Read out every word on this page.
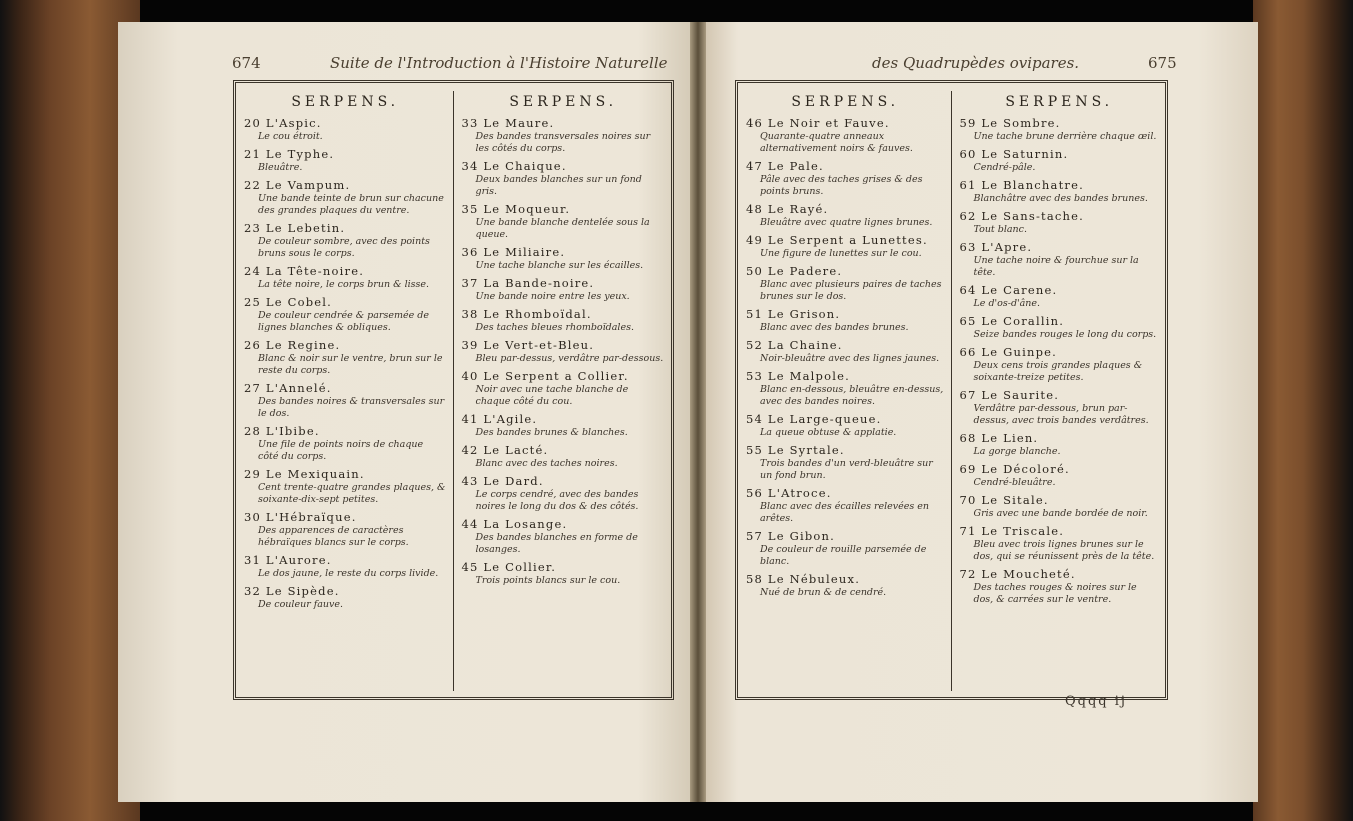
674	Suite de l'Introduction à l'Histoire Naturelle	des Quadrupèdes ovipares.	675
SERPENS.
20 L'Aspic.
Le cou étroit.
21 Le Typhe.
Bleuâtre.
22 Le Vampum.
Une bande teinte de brun sur chacune des grandes plaques du ventre.
23 Le Lebetin.
De couleur sombre, avec des points bruns sous le corps.
24 La Tête-noire.
La tête noire, le corps brun & lisse.
25 Le Cobel.
De couleur cendrée & parsemée de lignes blanches & obliques.
26 Le Regine.
Blanc & noir sur le ventre, brun sur le reste du corps.
27 L'Annelé.
Des bandes noires & transversales sur le dos.
28 L'Ibibe.
Une file de points noirs de chaque côté du corps.
29 Le Mexiquain.
Cent trente-quatre grandes plaques, & soixante-dix-sept petites.
30 L'Hébraïque.
Des apparences de caractères hébraïques blancs sur le corps.
31 L'Aurore.
Le dos jaune, le reste du corps livide.
32 Le Sipède.
De couleur fauve.
SERPENS.
33 Le Maure.
Des bandes transversales noires sur les côtés du corps.
34 Le Chaique.
Deux bandes blanches sur un fond gris.
35 Le Moqueur.
Une bande blanche dentelée sous la queue.
36 Le Miliaire.
Une tache blanche sur les écailles.
37 La Bande-noire.
Une bande noire entre les yeux.
38 Le Rhomboïdal.
Des taches bleues rhomboïdales.
39 Le Vert-et-Bleu.
Bleu par-dessus, verdâtre par-dessous.
40 Le Serpent a Collier.
Noir avec une tache blanche de chaque côté du cou.
41 L'Agile.
Des bandes brunes & blanches.
42 Le Lacté.
Blanc avec des taches noires.
43 Le Dard.
Le corps cendré, avec des bandes noires le long du dos & des côtés.
44 La Losange.
Des bandes blanches en forme de losanges.
45 Le Collier.
Trois points blancs sur le cou.
SERPENS.
46 Le Noir et Fauve.
Quarante-quatre anneaux alternativement noirs & fauves.
47 Le Pale.
Pâle avec des taches grises & des points bruns.
48 Le Rayé.
Bleuâtre avec quatre lignes brunes.
49 Le Serpent a Lunettes.
Une figure de lunettes sur le cou.
50 Le Padere.
Blanc avec plusieurs paires de taches brunes sur le dos.
51 Le Grison.
Blanc avec des bandes brunes.
52 La Chaine.
Noir-bleuâtre avec des lignes jaunes.
53 Le Malpole.
Blanc en-dessous, bleuâtre en-dessus, avec des bandes noires.
54 Le Large-queue.
La queue obtuse & applatie.
55 Le Syrtale.
Trois bandes d'un verd-bleuâtre sur un fond brun.
56 L'Atroce.
Blanc avec des écailles relevées en arêtes.
57 Le Gibon.
De couleur de rouille parsemée de blanc.
58 Le Nébuleux.
Nué de brun & de cendré.
SERPENS.
59 Le Sombre.
Une tache brune derrière chaque œil.
60 Le Saturnin.
Cendré-pâle.
61 Le Blanchatre.
Blanchâtre avec des bandes brunes.
62 Le Sans-tache.
Tout blanc.
63 L'Apre.
Une tache noire & fourchue sur la tête.
64 Le Carene.
Le d'os-d'âne.
65 Le Corallin.
Seize bandes rouges le long du corps.
66 Le Guinpe.
Deux cens trois grandes plaques & soixante-treize petites.
67 Le Saurite.
Verdâtre par-dessous, brun par-dessus, avec trois bandes verdâtres.
68 Le Lien.
La gorge blanche.
69 Le Décoloré.
Cendré-bleuâtre.
70 Le Sitale.
Gris avec une bande bordée de noir.
71 Le Triscale.
Bleu avec trois lignes brunes sur le dos, qui se réunissent près de la tête.
72 Le Moucheté.
Des taches rouges & noires sur le dos, & carrées sur le ventre.
Qqqq ij
